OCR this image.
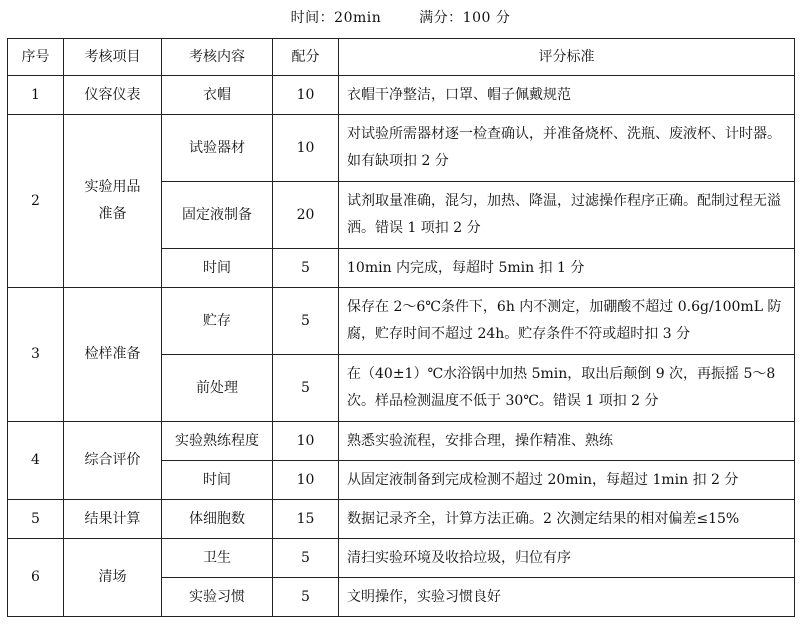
时间：20min	满分：100 分
序号	考核项目	考核内容	配分	评分标准
1	仪容仪表	衣帽	10	衣帽干净整洁，口罩、帽子佩戴规范
2	实验用品准备	试验器材	10	对试验所需器材逐一检查确认，并准备烧杯、洗瓶、废液杯、计时器。如有缺项扣 2 分
		固定液制备	20	试剂取量准确，混匀，加热、降温，过滤操作程序正确。配制过程无溢洒。错误 1 项扣 2 分
		时间	5	10min 内完成，每超时 5min 扣 1 分
3	检样准备	贮存	5	保存在 2～6℃条件下，6h 内不测定，加硼酸不超过 0.6g/100mL 防腐，贮存时间不超过 24h。贮存条件不符或超时扣 3 分
		前处理	5	在（40±1）℃水浴锅中加热 5min，取出后颠倒 9 次，再振摇 5～8 次。样品检测温度不低于 30℃。错误 1 项扣 2 分
4	综合评价	实验熟练程度	10	熟悉实验流程，安排合理，操作精准、熟练
		时间	10	从固定液制备到完成检测不超过 20min，每超过 1min 扣 2 分
5	结果计算	体细胞数	15	数据记录齐全，计算方法正确。2 次测定结果的相对偏差≤15%
6	清场	卫生	5	清扫实验环境及收拾垃圾，归位有序
		实验习惯	5	文明操作，实验习惯良好
